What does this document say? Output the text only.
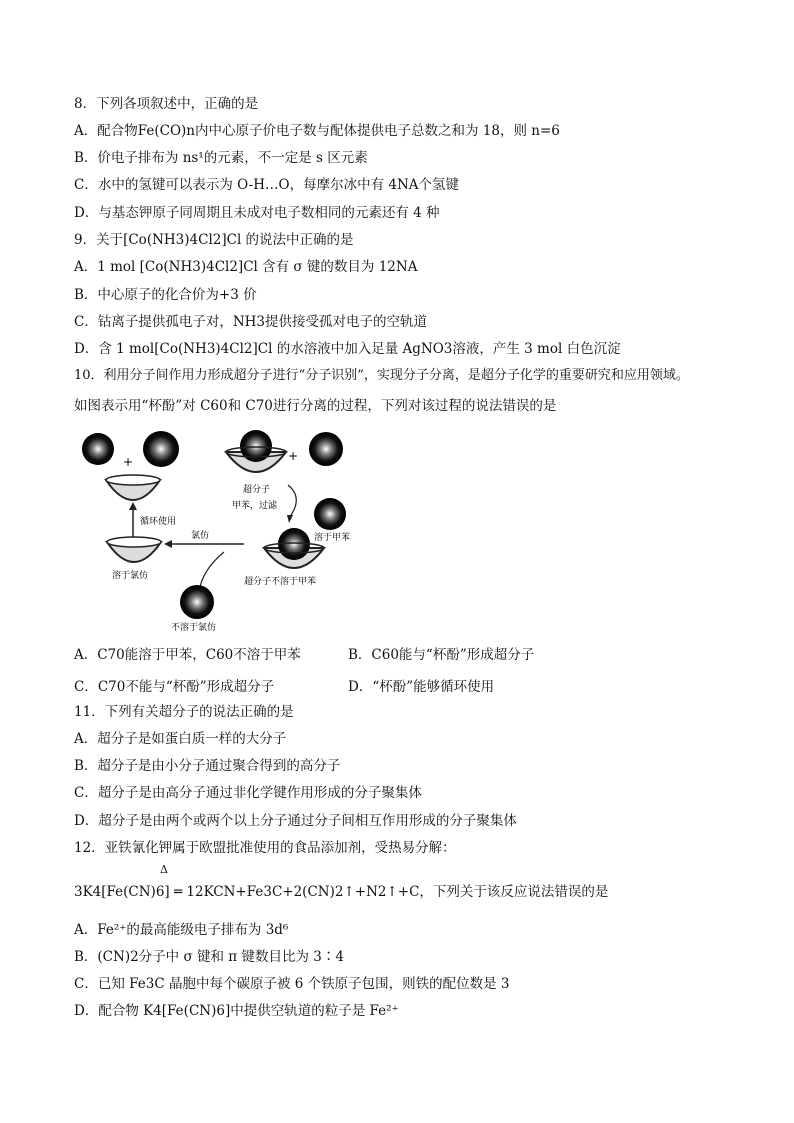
8．下列各项叙述中，正确的是
A．配合物Fe(CO)n内中心原子价电子数与配体提供电子总数之和为 18，则 n=6
B．价电子排布为 ns¹的元素，不一定是 s 区元素
C．水中的氢键可以表示为 O-H…O，每摩尔冰中有 4NA个氢键
D．与基态钾原子同周期且未成对电子数相同的元素还有 4 种
9．关于[Co(NH3)4Cl2]Cl 的说法中正确的是
A．1 mol [Co(NH3)4Cl2]Cl 含有 σ 键的数目为 12NA
B．中心原子的化合价为+3 价
C．钴离子提供孤电子对，NH3提供接受孤对电子的空轨道
D．含 1 mol[Co(NH3)4Cl2]Cl 的水溶液中加入足量 AgNO3溶液，产生 3 mol 白色沉淀
10．利用分子间作用力形成超分子进行“分子识别”，实现分子分离，是超分子化学的重要研究和应用领域。
如图表示用“杯酚”对 C60和 C70进行分离的过程，下列对该过程的说法错误的是
+
超分子
+
甲苯，过滤
溶于甲苯
循环使用
氯仿
溶于氯仿
超分子不溶于甲苯
不溶于氯仿
A．C70能溶于甲苯，C60不溶于甲苯	B．C60能与“杯酚”形成超分子
C．C70不能与“杯酚”形成超分子	D．“杯酚”能够循环使用
11．下列有关超分子的说法正确的是
A．超分子是如蛋白质一样的大分子
B．超分子是由小分子通过聚合得到的高分子
C．超分子是由高分子通过非化学键作用形成的分子聚集体
D．超分子是由两个或两个以上分子通过分子间相互作用形成的分子聚集体
12．亚铁氰化钾属于欧盟批准使用的食品添加剂，受热易分解：
Δ
3K4[Fe(CN)6] ═ 12KCN+Fe3C+2(CN)2↑+N2↑+C，下列关于该反应说法错误的是
A．Fe²⁺的最高能级电子排布为 3d⁶
B．(CN)2分子中 σ 键和 π 键数目比为 3∶4
C．已知 Fe3C 晶胞中每个碳原子被 6 个铁原子包围，则铁的配位数是 3
D．配合物 K4[Fe(CN)6]中提供空轨道的粒子是 Fe²⁺
